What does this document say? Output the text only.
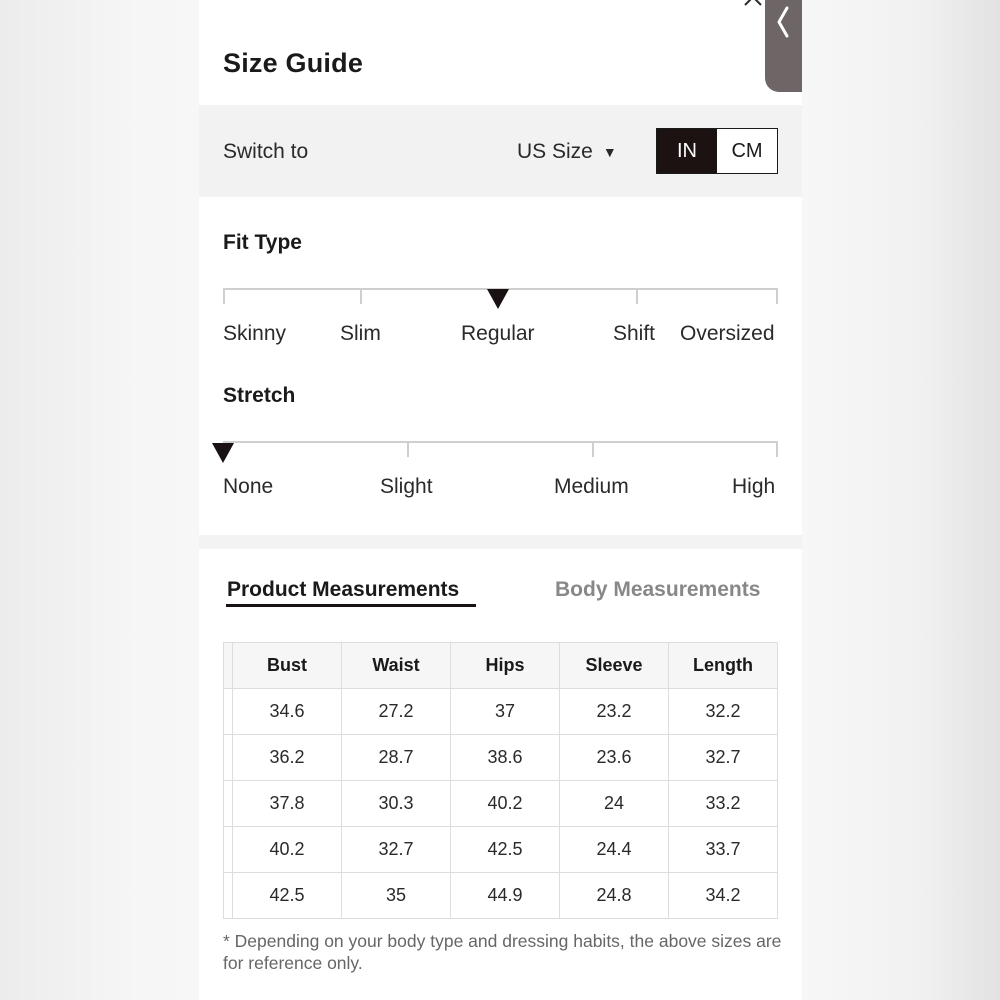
Size Guide
Switch to	US Size ▼	IN	CM
Fit Type
Skinny	Slim	Regular	Shift Oversized
Stretch
None	Slight	Medium	High
Product Measurements	Body Measurements
	Bust	Waist	Hips	Sleeve	Length
	34.6	27.2	37	23.2	32.2
	36.2	28.7	38.6	23.6	32.7
	37.8	30.3	40.2	24	33.2
	40.2	32.7	42.5	24.4	33.7
	42.5	35	44.9	24.8	34.2
* Depending on your body type and dressing habits, the above sizes are for reference only.
